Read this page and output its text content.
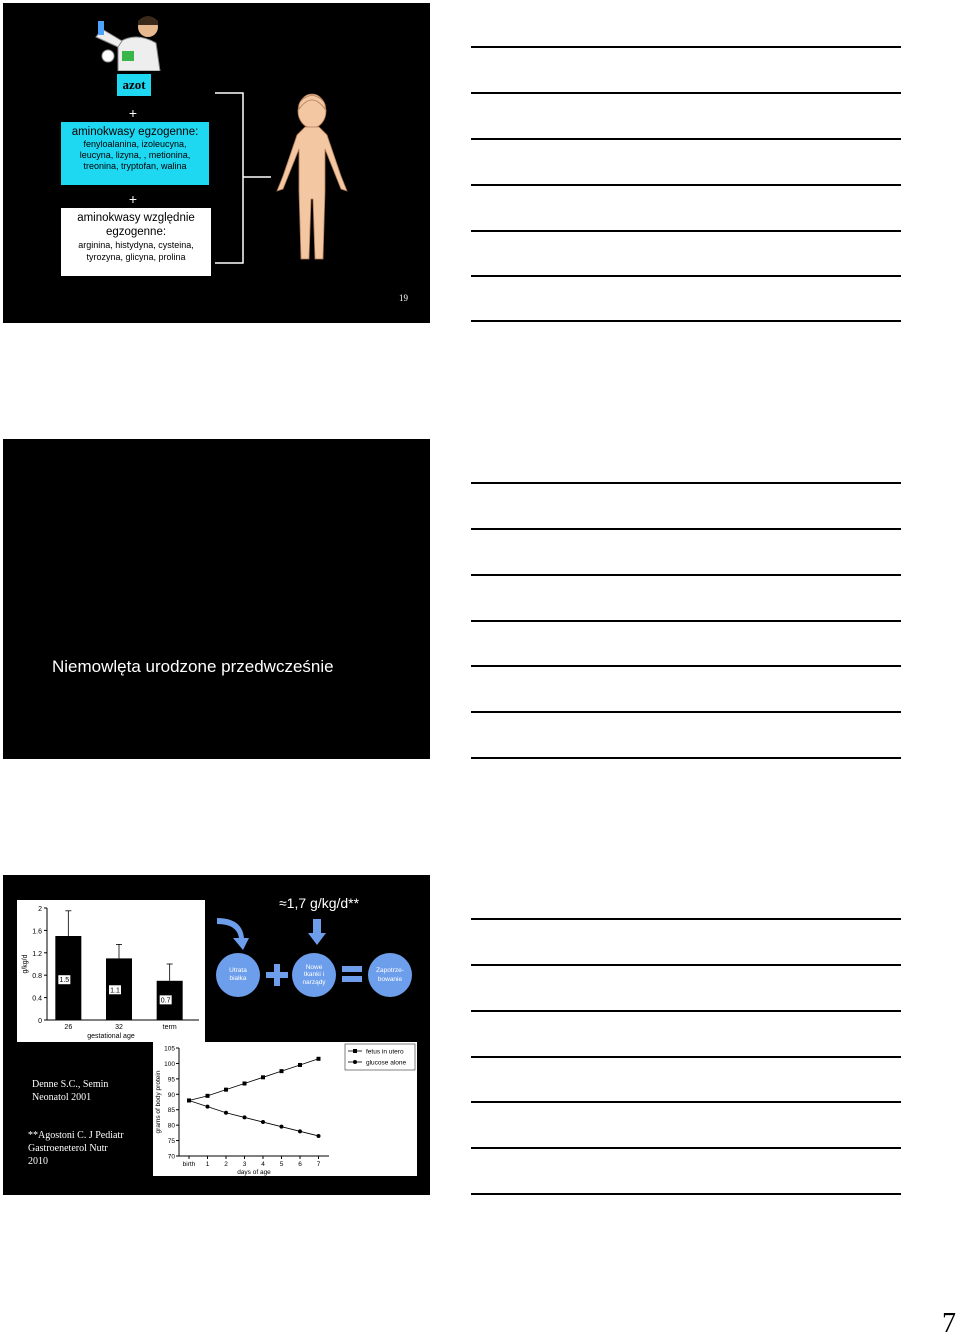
azot
+
aminokwasy egzogenne:
fenyloalanina, izoleucyna,
leucyna, lizyna, , metionina,
treonina, tryptofan, walina
+
aminokwasy względnie
egzogenne:
arginina, histydyna, cysteina,
tyrozyna, glicyna, prolina
19
Niemowlęta urodzone przedwcześnie
0
0.4
0.8
1.2
1.6
2
g/kg/d
1.5
26
1.1
32
0.7
term
gestational age
≈1,7 g/kg/d**
Utrata
białka
Nowe
tkanki i
narządy
Zapotrze-
bowanie
Denne S.C., Semin
Neonatol 2001
**Agostoni C. J Pediatr
Gastroeneterol Nutr
2010	70
75
80
85
90
95
100
105
birth 1 2 3 4 5 6 7
days of age
grams of body protein
fetus in utero
glucose alone
7
